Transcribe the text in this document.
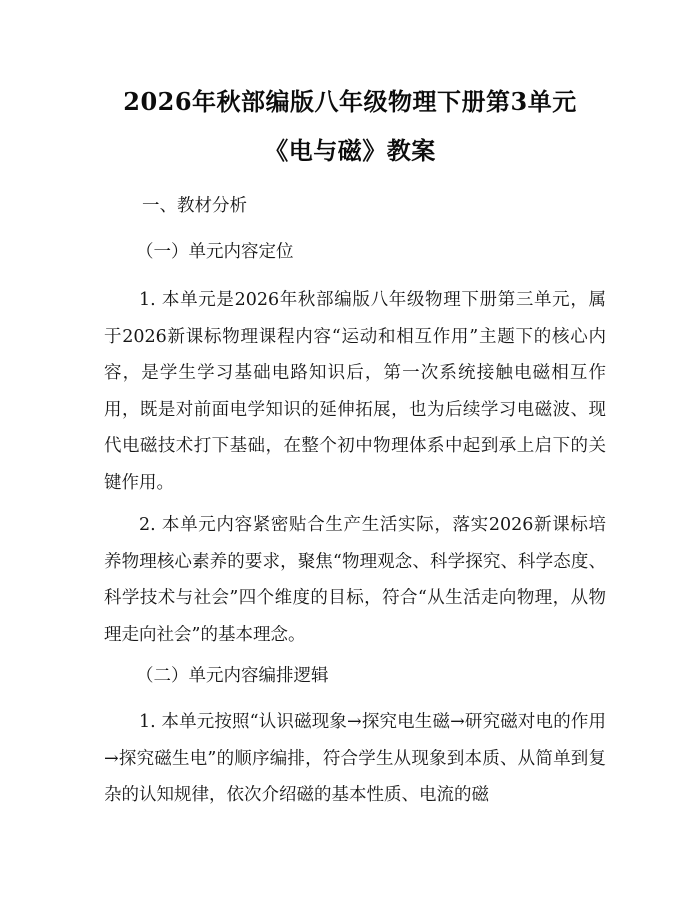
2026年秋部编版八年级物理下册第3单元
《电与磁》教案
一、教材分析
（一）单元内容定位

1. 本单元是2026年秋部编版八年级物理下册第三单元，属于2026新课标物理课程内容“运动和相互作用”主题下的核心内容，是学生学习基础电路知识后，第一次系统接触电磁相互作用，既是对前面电学知识的延伸拓展，也为后续学习电磁波、现代电磁技术打下基础，在整个初中物理体系中起到承上启下的关键作用。

2. 本单元内容紧密贴合生产生活实际，落实2026新课标培养物理核心素养的要求，聚焦“物理观念、科学探究、科学态度、科学技术与社会”四个维度的目标，符合“从生活走向物理，从物理走向社会”的基本理念。

（二）单元内容编排逻辑

1. 本单元按照“认识磁现象→探究电生磁→研究磁对电的作用→探究磁生电”的顺序编排，符合学生从现象到本质、从简单到复杂的认知规律，依次介绍磁的基本性质、电流的磁
